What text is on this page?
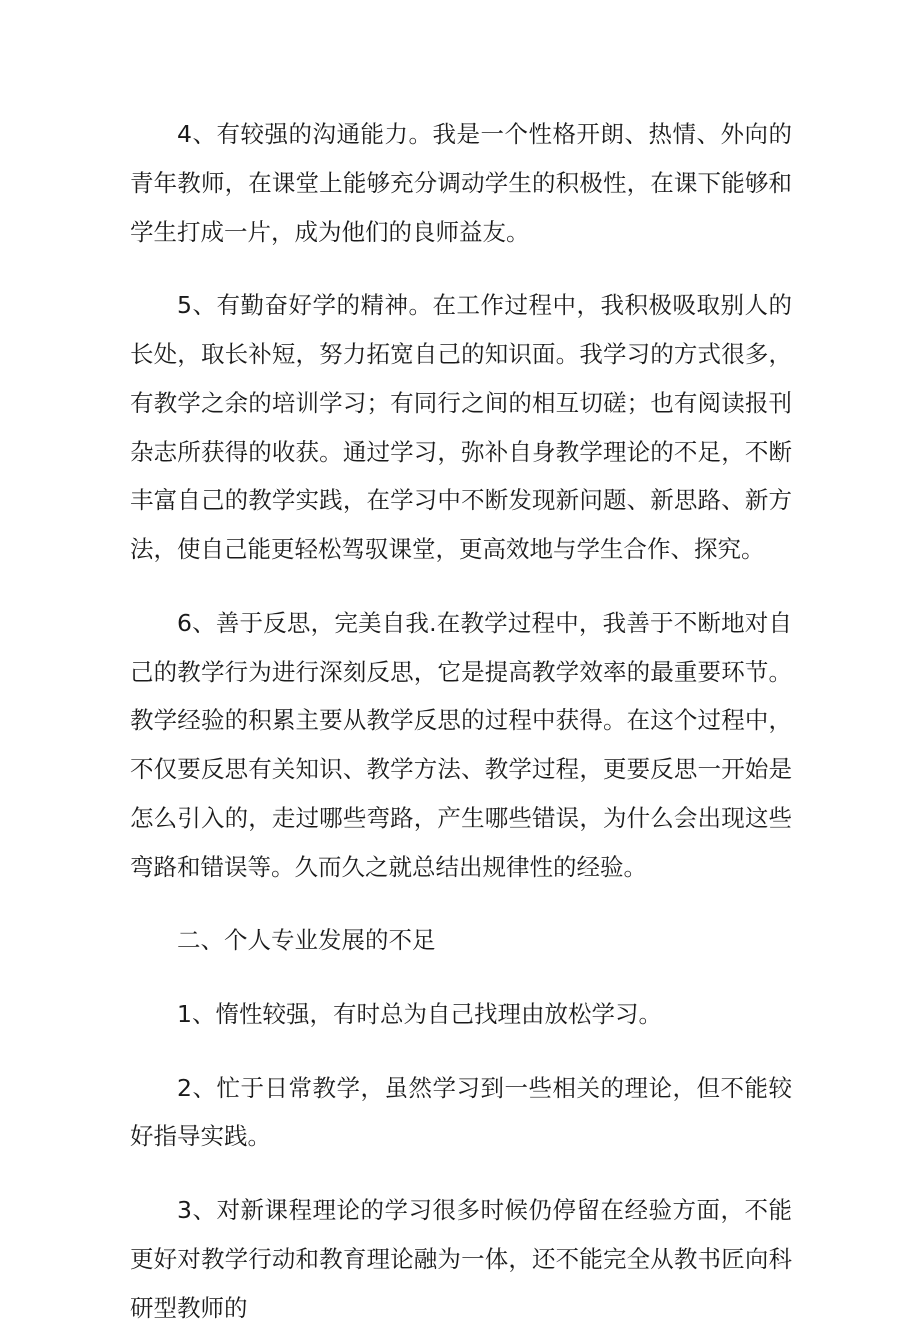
4、有较强的沟通能力。我是一个性格开朗、热情、外向的青年教师，在课堂上能够充分调动学生的积极性，在课下能够和学生打成一片，成为他们的良师益友。

5、有勤奋好学的精神。在工作过程中，我积极吸取别人的长处，取长补短，努力拓宽自己的知识面。我学习的方式很多，有教学之余的培训学习；有同行之间的相互切磋；也有阅读报刊杂志所获得的收获。通过学习，弥补自身教学理论的不足，不断丰富自己的教学实践，在学习中不断发现新问题、新思路、新方法，使自己能更轻松驾驭课堂，更高效地与学生合作、探究。

6、善于反思，完美自我.在教学过程中，我善于不断地对自己的教学行为进行深刻反思，它是提高教学效率的最重要环节。教学经验的积累主要从教学反思的过程中获得。在这个过程中，不仅要反思有关知识、教学方法、教学过程，更要反思一开始是怎么引入的，走过哪些弯路，产生哪些错误，为什么会出现这些弯路和错误等。久而久之就总结出规律性的经验。

二、个人专业发展的不足

1、惰性较强，有时总为自己找理由放松学习。

2、忙于日常教学，虽然学习到一些相关的理论，但不能较好指导实践。

3、对新课程理论的学习很多时候仍停留在经验方面，不能更好对教学行动和教育理论融为一体，还不能完全从教书匠向科研型教师的
